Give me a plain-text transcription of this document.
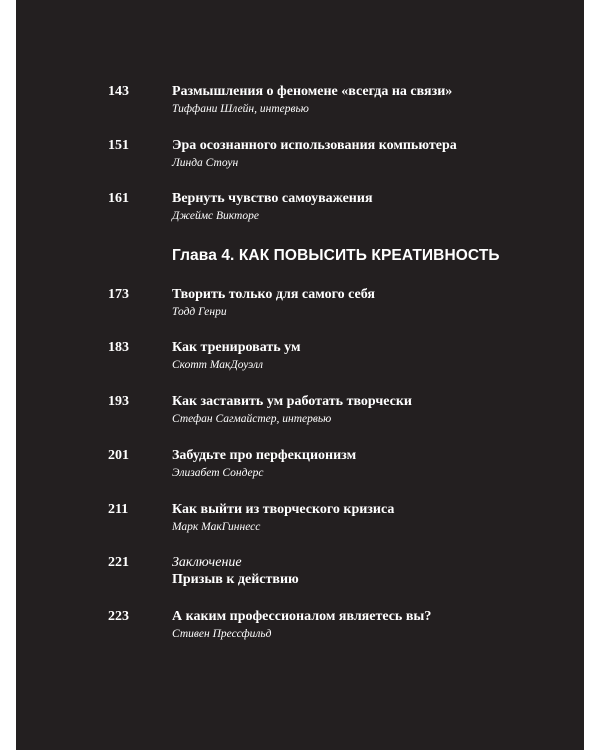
143	Размышления о феномене «всегда на связи»
Тиффани Шлейн, интервью
151	Эра осознанного использования компьютера
Линда Стоун
161	Вернуть чувство самоуважения
Джеймс Викторе
Глава 4. КАК ПОВЫСИТЬ КРЕАТИВНОСТЬ
173	Творить только для самого себя
Тодд Генри
183	Как тренировать ум
Скотт МакДоуэлл
193	Как заставить ум работать творчески
Стефан Сагмайстер, интервью
201	Забудьте про перфекционизм
Элизабет Сондерс
211	Как выйти из творческого кризиса
Марк МакГиннесс
221	Заключение
Призыв к действию
223	А каким профессионалом являетесь вы?
Стивен Прессфильд
